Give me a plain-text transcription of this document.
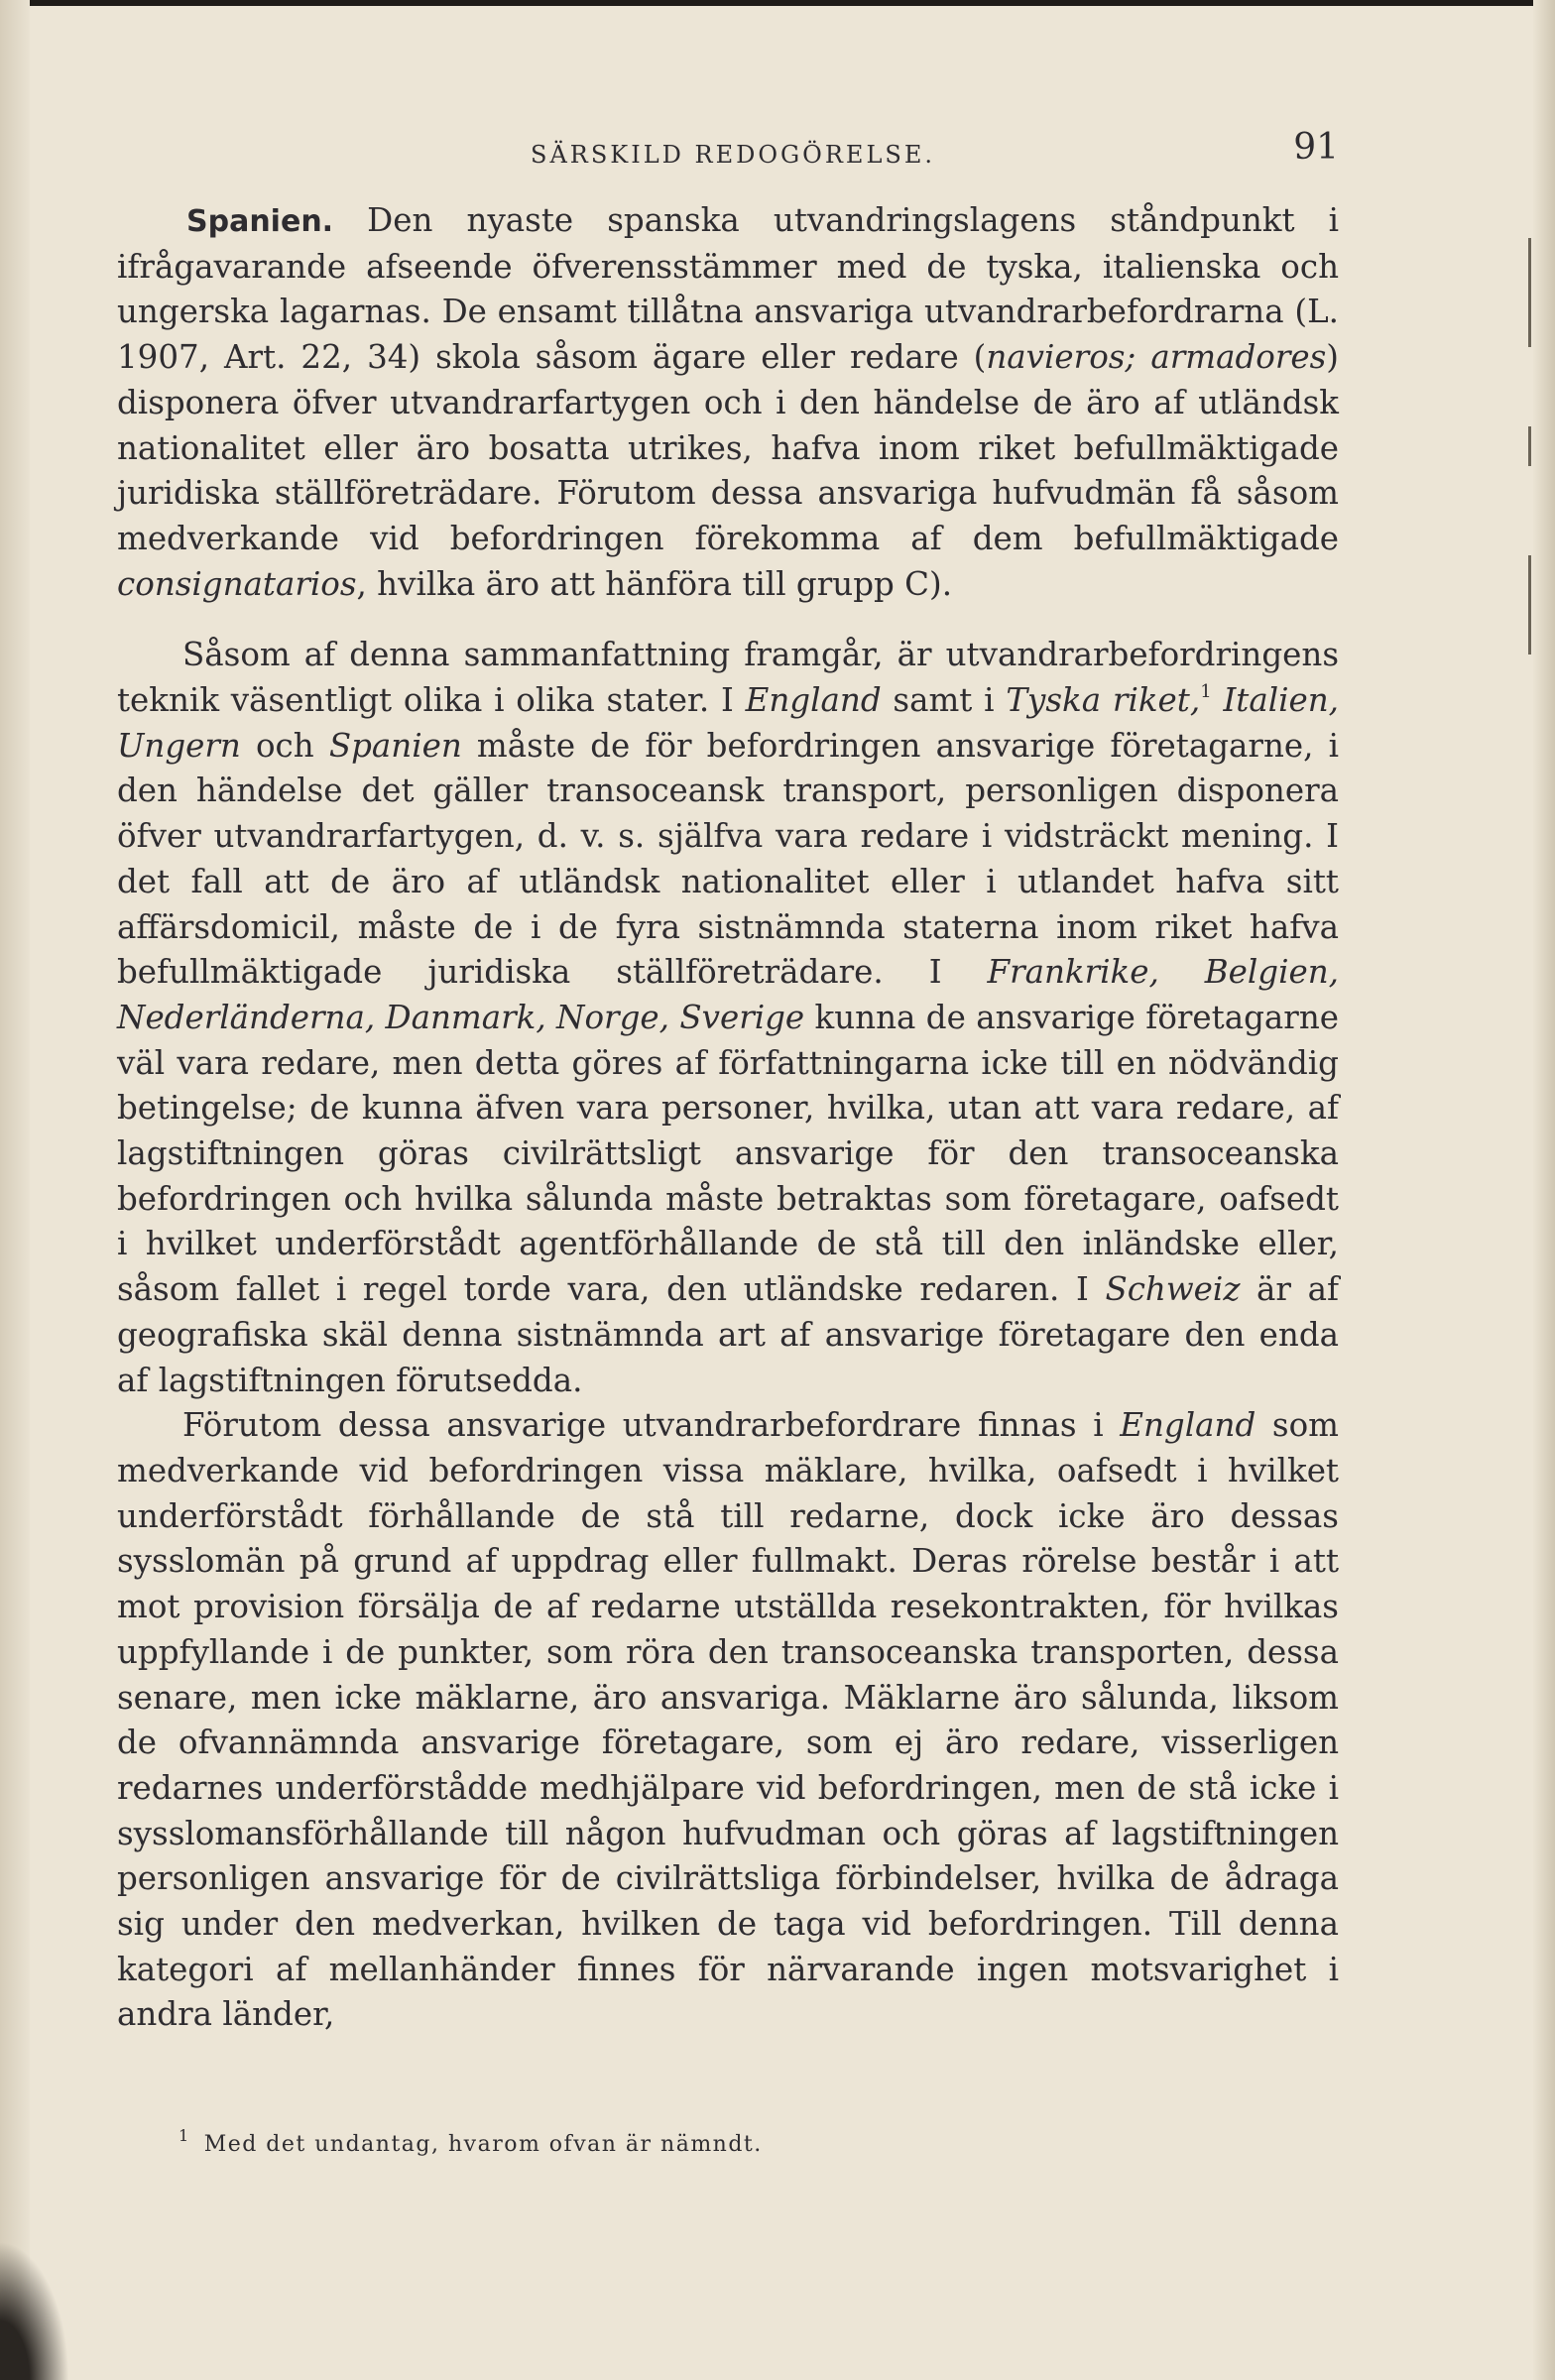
SÄRSKILD REDOGÖRELSE.	91

Spanien. Den nyaste spanska utvandringslagens ståndpunkt i ifrågavarande afseende öfverensstämmer med de tyska, italienska och ungerska lagarnas. De ensamt tillåtna ansvariga utvandrarbefordrarna (L. 1907, Art. 22, 34) skola såsom ägare eller redare (navieros; armadores) disponera öfver utvandrarfartygen och i den händelse de äro af utländsk nationalitet eller äro bosatta utrikes, hafva inom riket befullmäktigade juridiska ställföreträdare. Förutom dessa ansvariga hufvudmän få såsom medverkande vid befordringen förekomma af dem befullmäktigade consignatarios, hvilka äro att hänföra till grupp C).

Såsom af denna sammanfattning framgår, är utvandrarbefordringens teknik väsentligt olika i olika stater. I England samt i Tyska riket,$^1$ Italien, Ungern och Spanien måste de för befordringen ansvarige företagarne, i den händelse det gäller transoceansk transport, personligen disponera öfver utvandrarfartygen, d. v. s. själfva vara redare i vidsträckt mening. I det fall att de äro af utländsk nationalitet eller i utlandet hafva sitt affärsdomicil, måste de i de fyra sistnämnda staterna inom riket hafva befullmäktigade juridiska ställföreträdare. I Frankrike, Belgien, Nederländerna, Danmark, Norge, Sverige kunna de ansvarige företagarne väl vara redare, men detta göres af författningarna icke till en nödvändig betingelse; de kunna äfven vara personer, hvilka, utan att vara redare, af lagstiftningen göras civilrättsligt ansvarige för den transoceanska befordringen och hvilka sålunda måste betraktas som företagare, oafsedt i hvilket underförstådt agentförhållande de stå till den inländske eller, såsom fallet i regel torde vara, den utländske redaren. I Schweiz är af geografiska skäl denna sistnämnda art af ansvarige företagare den enda af lagstiftningen förutsedda.

Förutom dessa ansvarige utvandrarbefordrare finnas i England som medverkande vid befordringen vissa mäklare, hvilka, oafsedt i hvilket underförstådt förhållande de stå till redarne, dock icke äro dessas sysslomän på grund af uppdrag eller fullmakt. Deras rörelse består i att mot provision försälja de af redarne utställda resekontrakten, för hvilkas uppfyllande i de punkter, som röra den transoceanska transporten, dessa senare, men icke mäklarne, äro ansvariga. Mäklarne äro sålunda, liksom de ofvannämnda ansvarige företagare, som ej äro redare, visserligen redarnes underförstådde medhjälpare vid befordringen, men de stå icke i sysslomansförhållande till någon hufvudman och göras af lagstiftningen personligen ansvarige för de civilrättsliga förbindelser, hvilka de ådraga sig under den medverkan, hvilken de taga vid befordringen. Till denna kategori af mellanhänder finnes för närvarande ingen motsvarighet i andra länder,

$^1$ Med det undantag, hvarom ofvan är nämndt.
